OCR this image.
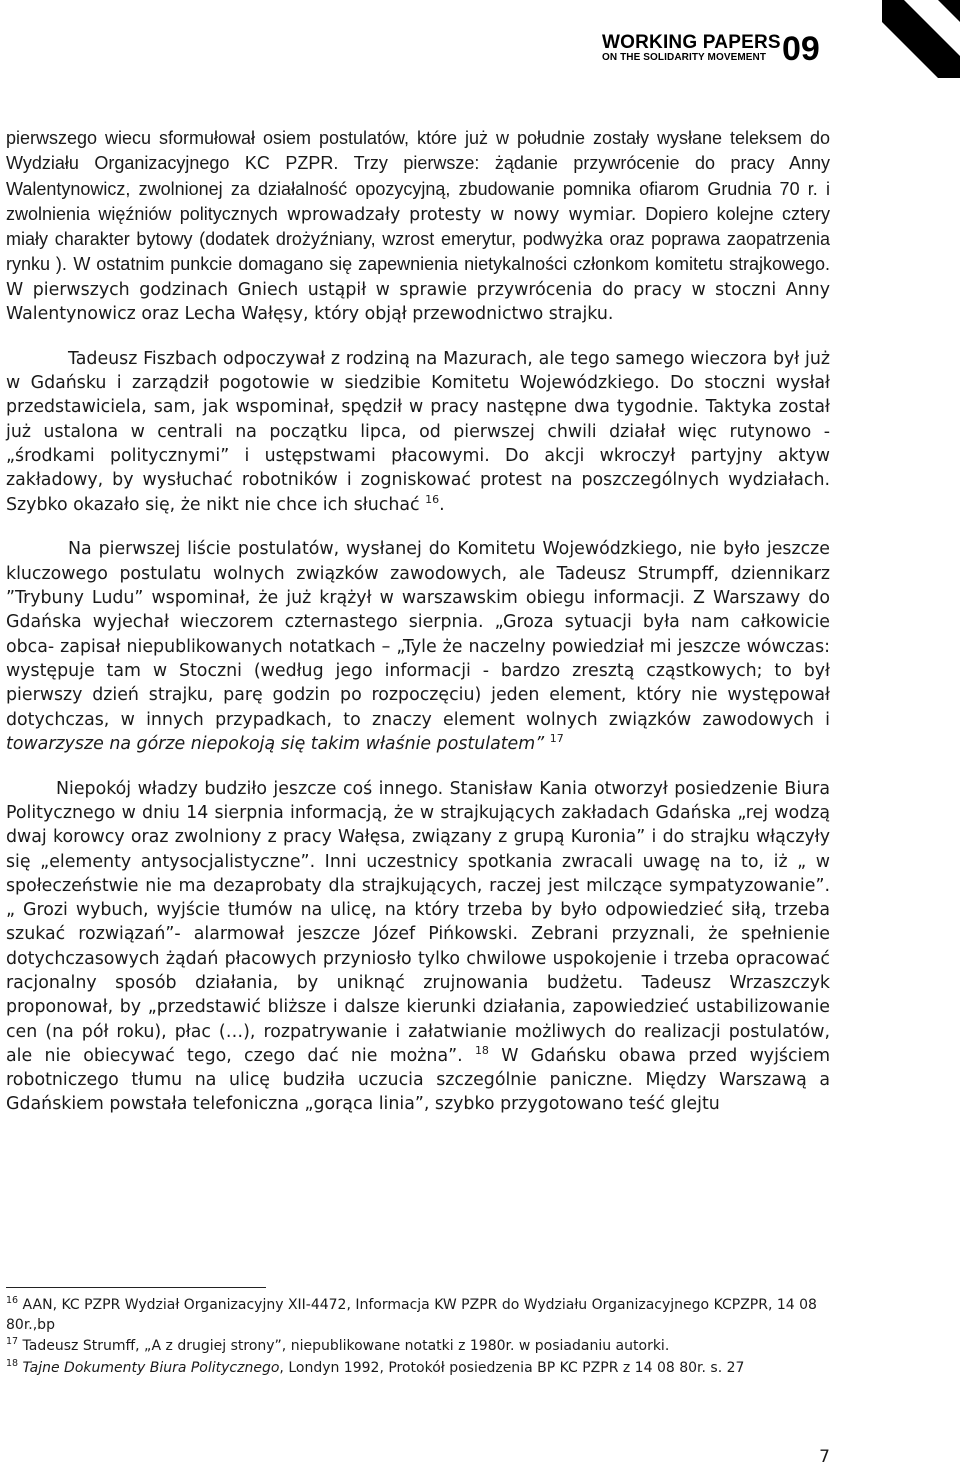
WORKING PAPERS
ON THE SOLIDARITY MOVEMENT 09

pierwszego wiecu sformułował osiem postulatów, które już w południe zostały wysłane teleksem do Wydziału Organizacyjnego KC PZPR. Trzy pierwsze: żądanie przywrócenie do pracy Anny Walentynowicz, zwolnionej za działalność opozycyjną, zbudowanie pomnika ofiarom Grudnia 70 r. i zwolnienia więźniów politycznych wprowadzały protesty w nowy wymiar. Dopiero kolejne cztery miały charakter bytowy (dodatek drożyźniany, wzrost emerytur, podwyżka oraz poprawa zaopatrzenia rynku ). W ostatnim punkcie domagano się zapewnienia nietykalności członkom komitetu strajkowego. W pierwszych godzinach Gniech ustąpił w sprawie przywrócenia do pracy w stoczni Anny Walentynowicz oraz Lecha Wałęsy, który objął przewodnictwo strajku.

Tadeusz Fiszbach odpoczywał z rodziną na Mazurach, ale tego samego wieczora był już w Gdańsku i zarządził pogotowie w siedzibie Komitetu Wojewódzkiego. Do stoczni wysłał przedstawiciela, sam, jak wspominał, spędził w pracy następne dwa tygodnie. Taktyka został już ustalona w centrali na początku lipca, od pierwszej chwili działał więc rutynowo - „środkami politycznymi” i ustępstwami płacowymi. Do akcji wkroczył partyjny aktyw zakładowy, by wysłuchać robotników i zogniskować protest na poszczególnych wydziałach. Szybko okazało się, że nikt nie chce ich słuchać $^{16}$.

Na pierwszej liście postulatów, wysłanej do Komitetu Wojewódzkiego, nie było jeszcze kluczowego postulatu wolnych związków zawodowych, ale Tadeusz Strumpff, dziennikarz ”Trybuny Ludu” wspominał, że już krążył w warszawskim obiegu informacji. Z Warszawy do Gdańska wyjechał wieczorem czternastego sierpnia. „Groza sytuacji była nam całkowicie obca- zapisał niepublikowanych notatkach – „Tyle że naczelny powiedział mi jeszcze wówczas: występuje tam w Stoczni (według jego informacji - bardzo zresztą cząstkowych; to był pierwszy dzień strajku, parę godzin po rozpoczęciu) jeden element, który nie występował dotychczas, w innych przypadkach, to znaczy element wolnych związków zawodowych i towarzysze na górze niepokoją się takim właśnie postulatem” $^{17}$

Niepokój władzy budziło jeszcze coś innego. Stanisław Kania otworzył posiedzenie Biura Politycznego w dniu 14 sierpnia informacją, że w strajkujących zakładach Gdańska „rej wodzą dwaj korowcy oraz zwolniony z pracy Wałęsa, związany z grupą Kuronia” i do strajku włączyły się „elementy antysocjalistyczne”. Inni uczestnicy spotkania zwracali uwagę na to, iż „ w społeczeństwie nie ma dezaprobaty dla strajkujących, raczej jest milczące sympatyzowanie”. „ Grozi wybuch, wyjście tłumów na ulicę, na który trzeba by było odpowiedzieć siłą, trzeba szukać rozwiązań”- alarmował jeszcze Józef Pińkowski. Zebrani przyznali, że spełnienie dotychczasowych żądań płacowych przyniosło tylko chwilowe uspokojenie i trzeba opracować racjonalny sposób działania, by uniknąć zrujnowania budżetu. Tadeusz Wrzaszczyk proponował, by „przedstawić bliższe i dalsze kierunki działania, zapowiedzieć ustabilizowanie cen (na pół roku), płac (…), rozpatrywanie i załatwianie możliwych do realizacji postulatów, ale nie obiecywać tego, czego dać nie można”. $^{18}$ W Gdańsku obawa przed wyjściem robotniczego tłumu na ulicę budziła uczucia szczególnie paniczne. Między Warszawą a Gdańskiem powstała telefoniczna „gorąca linia”, szybko przygotowano teść glejtu

$^{16}$ AAN, KC PZPR Wydział Organizacyjny XII-4472, Informacja KW PZPR do Wydziału Organizacyjnego KCPZPR, 14 08 80r.,bp

$^{17}$ Tadeusz Strumff, „A z drugiej strony”, niepublikowane notatki z 1980r. w posiadaniu autorki.

$^{18}$ Tajne Dokumenty Biura Politycznego, Londyn 1992, Protokół posiedzenia BP KC PZPR z 14 08 80r. s. 27

7
